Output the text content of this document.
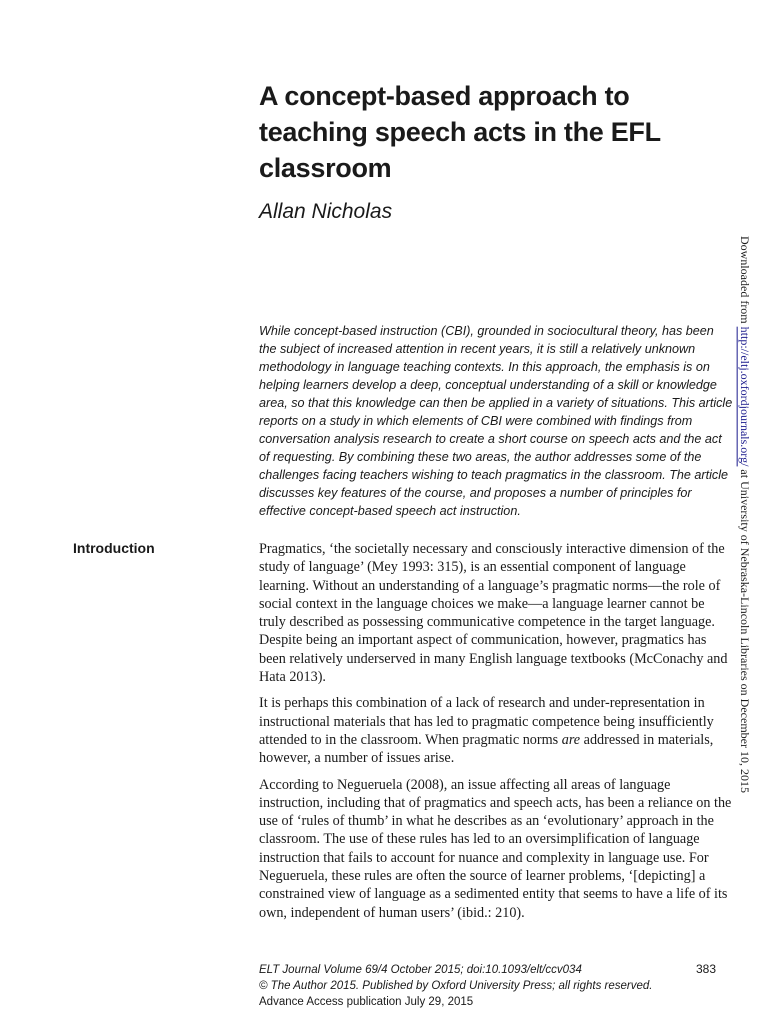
A concept-based approach to teaching speech acts in the EFL classroom
Allan Nicholas

While concept-based instruction (CBI), grounded in sociocultural theory, has been the subject of increased attention in recent years, it is still a relatively unknown methodology in language teaching contexts. In this approach, the emphasis is on helping learners develop a deep, conceptual understanding of a skill or knowledge area, so that this knowledge can then be applied in a variety of situations. This article reports on a study in which elements of CBI were combined with findings from conversation analysis research to create a short course on speech acts and the act of requesting. By combining these two areas, the author addresses some of the challenges facing teachers wishing to teach pragmatics in the classroom. The article discusses key features of the course, and proposes a number of principles for effective concept-based speech act instruction.

Introduction	Pragmatics, ‘the societally necessary and consciously interactive dimension of the study of language’ (Mey 1993: 315), is an essential component of language learning. Without an understanding of a language’s pragmatic norms—the role of social context in the language choices we make—a language learner cannot be truly described as possessing communicative competence in the target language. Despite being an important aspect of communication, however, pragmatics has been relatively underserved in many English language textbooks (McConachy and Hata 2013).

It is perhaps this combination of a lack of research and under-representation in instructional materials that has led to pragmatic competence being insufficiently attended to in the classroom. When pragmatic norms are addressed in materials, however, a number of issues arise.

According to Negueruela (2008), an issue affecting all areas of language instruction, including that of pragmatics and speech acts, has been a reliance on the use of ‘rules of thumb’ in what he describes as an ‘evolutionary’ approach in the classroom. The use of these rules has led to an oversimplification of language instruction that fails to account for nuance and complexity in language use. For Negueruela, these rules are often the source of learner problems, ‘[depicting] a constrained view of language as a sedimented entity that seems to have a life of its own, independent of human users’ (ibid.: 210).

ELT Journal Volume 69/4 October 2015; doi:10.1093/elt/ccv034
© The Author 2015. Published by Oxford University Press; all rights reserved.
Advance Access publication July 29, 2015
383
Downloaded from http://eltj.oxfordjournals.org/ at University of Nebraska-Lincoln Libraries on December 10, 2015
